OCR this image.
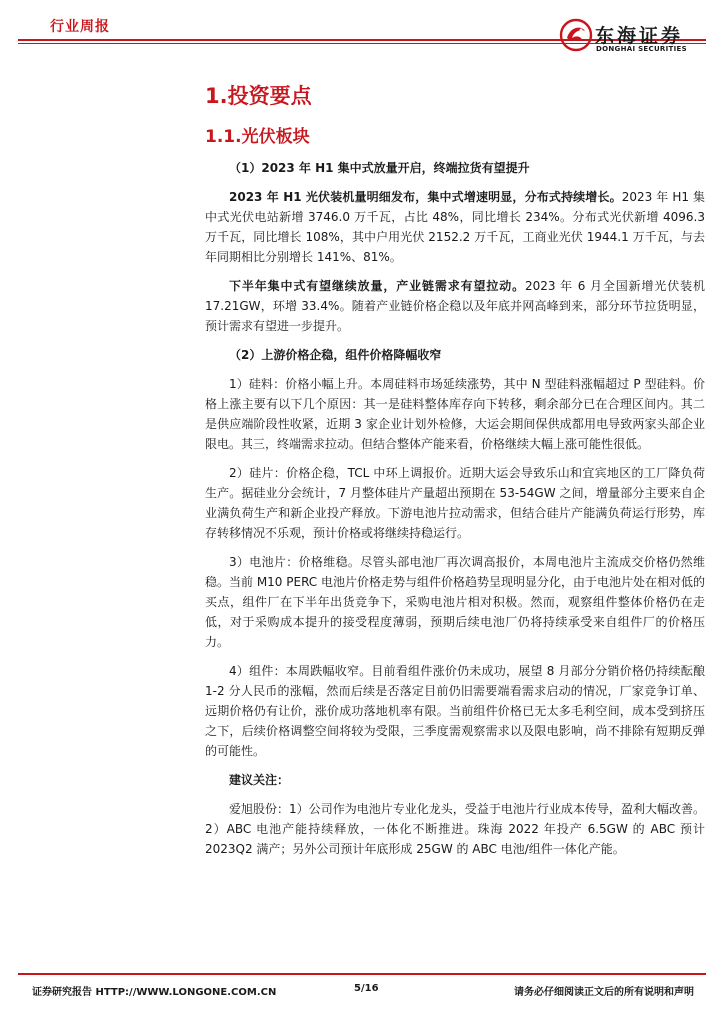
行业周报	东海证券
DONGHAI SECURITIES
1.投资要点
1.1.光伏板块
（1）2023 年 H1 集中式放量开启，终端拉货有望提升
2023 年 H1 光伏装机量明细发布，集中式增速明显，分布式持续增长。2023 年 H1 集中式光伏电站新增 3746.0 万千瓦，占比 48%，同比增长 234%。分布式光伏新增 4096.3 万千瓦，同比增长 108%，其中户用光伏 2152.2 万千瓦，工商业光伏 1944.1 万千瓦，与去年同期相比分别增长 141%、81%。
下半年集中式有望继续放量，产业链需求有望拉动。2023 年 6 月全国新增光伏装机 17.21GW，环增 33.4%。随着产业链价格企稳以及年底并网高峰到来，部分环节拉货明显，预计需求有望进一步提升。
（2）上游价格企稳，组件价格降幅收窄
1）硅料：价格小幅上升。本周硅料市场延续涨势，其中 N 型硅料涨幅超过 P 型硅料。价格上涨主要有以下几个原因：其一是硅料整体库存向下转移，剩余部分已在合理区间内。其二是供应端阶段性收紧，近期 3 家企业计划外检修，大运会期间保供成都用电导致两家头部企业限电。其三，终端需求拉动。但结合整体产能来看，价格继续大幅上涨可能性很低。
2）硅片：价格企稳，TCL 中环上调报价。近期大运会导致乐山和宜宾地区的工厂降负荷生产。据硅业分会统计，7 月整体硅片产量超出预期在 53-54GW 之间，增量部分主要来自企业满负荷生产和新企业投产释放。下游电池片拉动需求，但结合硅片产能满负荷运行形势，库存转移情况不乐观，预计价格或将继续持稳运行。
3）电池片：价格维稳。尽管头部电池厂再次调高报价，本周电池片主流成交价格仍然维稳。当前 M10 PERC 电池片价格走势与组件价格趋势呈现明显分化，由于电池片处在相对低的买点，组件厂在下半年出货竞争下，采购电池片相对积极。然而，观察组件整体价格仍在走低，对于采购成本提升的接受程度薄弱，预期后续电池厂仍将持续承受来自组件厂的价格压力。
4）组件：本周跌幅收窄。目前看组件涨价仍未成功，展望 8 月部分分销价格仍持续酝酿 1-2 分人民币的涨幅，然而后续是否落定目前仍旧需要端看需求启动的情况，厂家竞争订单、远期价格仍有让价，涨价成功落地机率有限。当前组件价格已无太多毛利空间，成本受到挤压之下，后续价格调整空间将较为受限，三季度需观察需求以及限电影响，尚不排除有短期反弹的可能性。
建议关注：
爱旭股份：1）公司作为电池片专业化龙头，受益于电池片行业成本传导，盈利大幅改善。2）ABC 电池产能持续释放，一体化不断推进。珠海 2022 年投产 6.5GW 的 ABC 预计 2023Q2 满产；另外公司预计年底形成 25GW 的 ABC 电池/组件一体化产能。
证券研究报告 HTTP://WWW.LONGONE.COM.CN	5/16	请务必仔细阅读正文后的所有说明和声明
